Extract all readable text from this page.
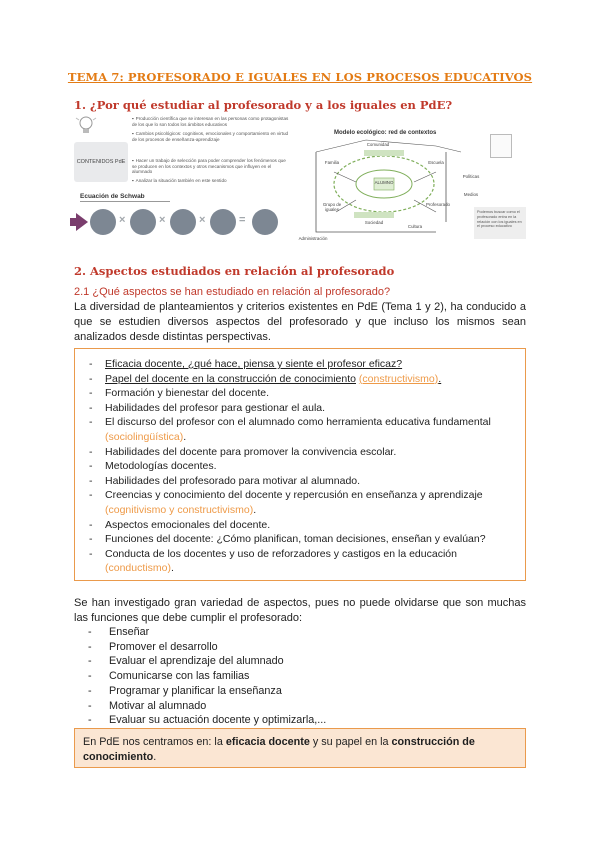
TEMA 7: PROFESORADO E IGUALES EN LOS PROCESOS EDUCATIVOS
1. ¿Por qué estudiar al profesorado y a los iguales en PdE?
CONTENIDOS PdE
▪ Producción científica que se interesan en las personas como protagonistas de los que lo son todos los ámbitos educativos
▪ Cambios psicológicos: cognitivos, emocionales y comportamiento en virtud de los procesos de enseñanza-aprendizaje
▪ Hacer un trabajo de selección para poder comprender los fenómenos que se producen en los contextos y otros mecanismos que influyen en el alumnado
▪ Analizar la situación también en este sentido
Ecuación de Schwab
×	×	×	=
Modelo ecológico: red de contextos
ALUMNO
Familia	Escuela
Grupo de iguales
Profesorado
Comunidad
Sociedad
Administración
Políticas
Cultura
Medios
Podemos buscar como el profesorado entra en la relación con los iguales en el proceso educativo
2. Aspectos estudiados en relación al profesorado
2.1 ¿Qué aspectos se han estudiado en relación al profesorado?
La diversidad de planteamientos y criterios existentes en PdE (Tema 1 y 2), ha conducido a que se estudien diversos aspectos del profesorado y que incluso los mismos sean analizados desde distintas perspectivas.
- Eficacia docente, ¿qué hace, piensa y siente el profesor eficaz?
- Papel del docente en la construcción de conocimiento (constructivismo).
- Formación y bienestar del docente.
- Habilidades del profesor para gestionar el aula.
- El discurso del profesor con el alumnado como herramienta educativa fundamental (sociolingüística).
- Habilidades del docente para promover la convivencia escolar.
- Metodologías docentes.
- Habilidades del profesorado para motivar al alumnado.
- Creencias y conocimiento del docente y repercusión en enseñanza y aprendizaje (cognitivismo y constructivismo).
- Aspectos emocionales del docente.
- Funciones del docente: ¿Cómo planifican, toman decisiones, enseñan y evalúan?
- Conducta de los docentes y uso de reforzadores y castigos en la educación (conductismo).
Se han investigado gran variedad de aspectos, pues no puede olvidarse que son muchas las funciones que debe cumplir el profesorado:
- Enseñar
- Promover el desarrollo
- Evaluar el aprendizaje del alumnado
- Comunicarse con las familias
- Programar y planificar la enseñanza
- Motivar al alumnado
- Evaluar su actuación docente y optimizarla,...
En PdE nos centramos en: la eficacia docente y su papel en la construcción de conocimiento.
